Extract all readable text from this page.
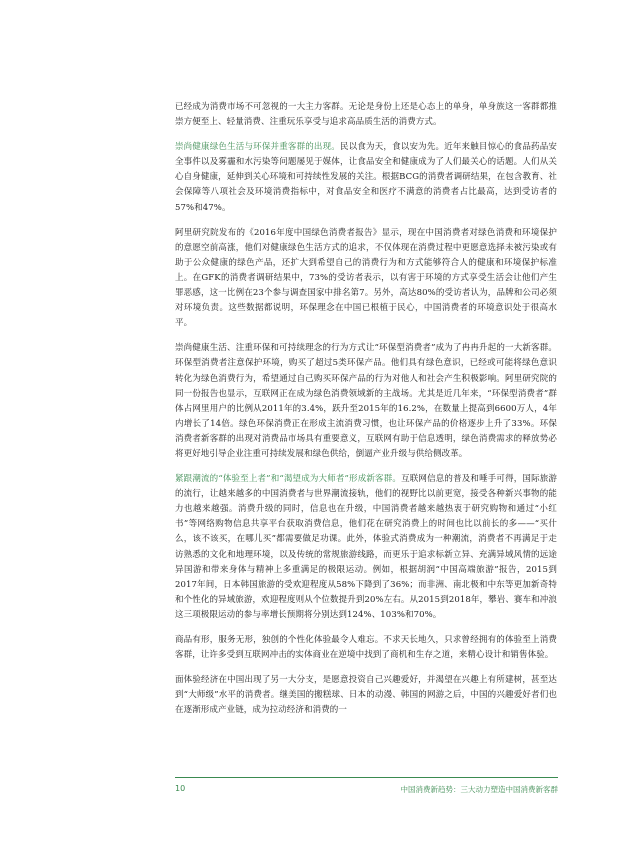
已经成为消费市场不可忽视的一大主力客群。无论是身份上还是心态上的单身，单身族这一客群都推崇方便至上、轻量消费、注重玩乐享受与追求高品质生活的消费方式。

崇尚健康绿色生活与环保并重客群的出现。民以食为天，食以安为先。近年来触目惊心的食品药品安全事件以及雾霾和水污染等问题屡见于媒体，让食品安全和健康成为了人们最关心的话题。人们从关心自身健康，延伸到关心环境和可持续性发展的关注。根据BCG的消费者调研结果，在包含教育、社会保障等八项社会及环境消费指标中，对食品安全和医疗不满意的消费者占比最高，达到受访者的57%和47%。

阿里研究院发布的《2016年度中国绿色消费者报告》显示，现在中国消费者对绿色消费和环境保护的意愿空前高涨，他们对健康绿色生活方式的追求，不仅体现在消费过程中更愿意选择未被污染或有助于公众健康的绿色产品，还扩大到希望自己的消费行为和方式能够符合人的健康和环境保护标准上。在GFK的消费者调研结果中，73%的受访者表示，以有害于环境的方式享受生活会让他们产生罪恶感，这一比例在23个参与调查国家中排名第7。另外，高达80%的受访者认为，品牌和公司必须对环境负责。这些数据都说明，环保理念在中国已根植于民心，中国消费者的环境意识处于很高水平。

崇尚健康生活、注重环保和可持续理念的行为方式让“环保型消费者”成为了冉冉升起的一大新客群。环保型消费者注意保护环境，购买了超过5类环保产品。他们具有绿色意识，已经或可能将绿色意识转化为绿色消费行为，希望通过自己购买环保产品的行为对他人和社会产生积极影响。阿里研究院的同一份报告也显示，互联网正在成为绿色消费领域新的主战场。尤其是近几年来，“环保型消费者”群体占网里用户的比例从2011年的3.4%，跃升至2015年的16.2%，在数量上提高到6600万人，4年内增长了14倍。绿色环保消费正在形成主流消费习惯，也让环保产品的价格逐步上升了33%。环保消费者新客群的出现对消费品市场具有重要意义，互联网有助于信息透明，绿色消费需求的释放势必将更好地引导企业注重可持续发展和绿色供给，倒逼产业升级与供给侧改革。

紧跟潮流的“体验至上者”和“渴望成为大师者”形成新客群。互联网信息的普及和唾手可得，国际旅游的流行，让越来越多的中国消费者与世界潮流接轨，他们的视野比以前更宽，接受各种新兴事物的能力也越来越强。消费升级的同时，信息也在升级，中国消费者越来越热衷于研究购物和通过“小红书”等网络购物信息共享平台获取消费信息，他们花在研究消费上的时间也比以前长的多——“买什么，该不该买，在哪儿买”都需要做足功课。此外，体验式消费成为一种潮流，消费者不再满足于走访熟悉的文化和地理环境，以及传统的常规旅游线路，而更乐于追求标新立异、充满异域风情的远途异国游和带来身体与精神上多重满足的极限运动。例如，根据胡润“中国高端旅游”报告，2015到2017年间，日本韩国旅游的受欢迎程度从58%下降到了36%；而非洲、南北极和中东等更加新奇特和个性化的异域旅游，欢迎程度则从个位数提升到20%左右。从2015到2018年，攀岩、赛车和冲浪这三项极限运动的参与率增长预期将分别达到124%、103%和70%。

商品有形，服务无形，独创的个性化体验最令人难忘。不求天长地久，只求曾经拥有的体验至上消费客群，让许多受到互联网冲击的实体商业在逆境中找到了商机和生存之道，来精心设计和销售体验。

面体验经济在中国出现了另一大分支，是愿意投资自己兴趣爱好，并渴望在兴趣上有所建树，甚至达到“大师级”水平的消费者。继美国的搬糕球、日本的动漫、韩国的网游之后，中国的兴趣爱好者们也在逐渐形成产业链，成为拉动经济和消费的一

10	中国消费新趋势：三大动力塑造中国消费新客群
